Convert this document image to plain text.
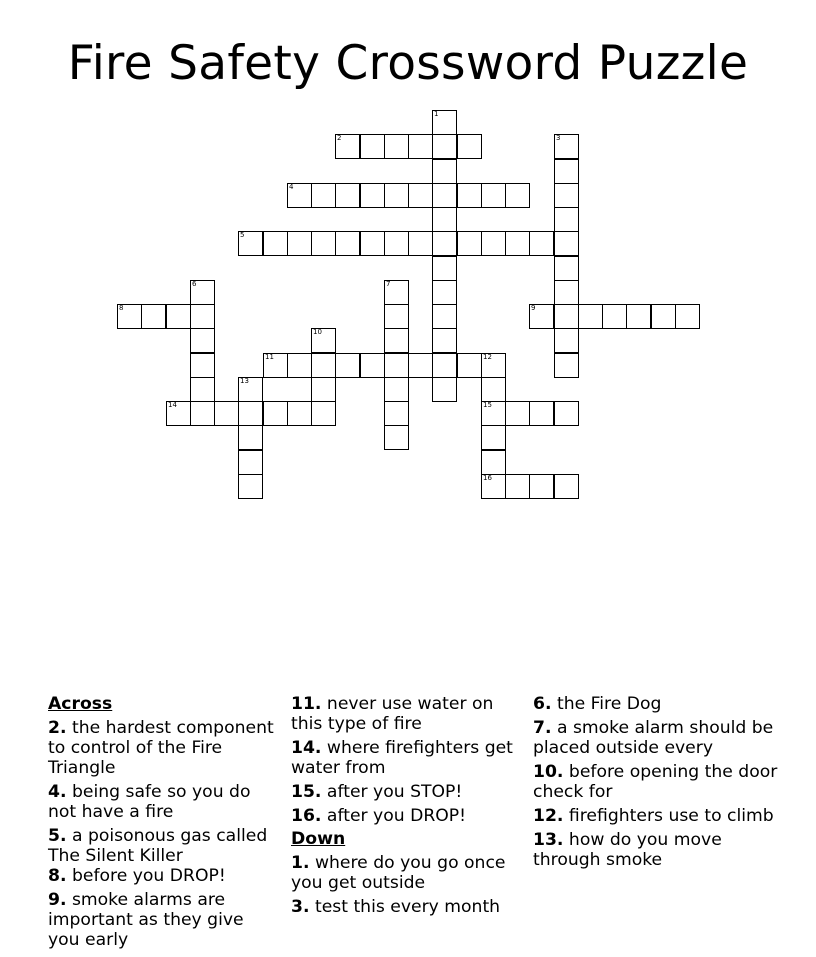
Fire Safety Crossword Puzzle
1
2	3
4
5
6	7
8	9
10
11	12
15
16
13
14
Across
2. the hardest component to control of the Fire Triangle
4. being safe so you do not have a fire
5. a poisonous gas called The Silent Killer
8. before you DROP!
9. smoke alarms are important as they give you early
11. never use water on this type of fire
14. where firefighters get water from
15. after you STOP!
16. after you DROP!
Down
1. where do you go once you get outside
3. test this every month
6. the Fire Dog
7. a smoke alarm should be placed outside every
10. before opening the door check for
12. firefighters use to climb
13. how do you move through smoke
